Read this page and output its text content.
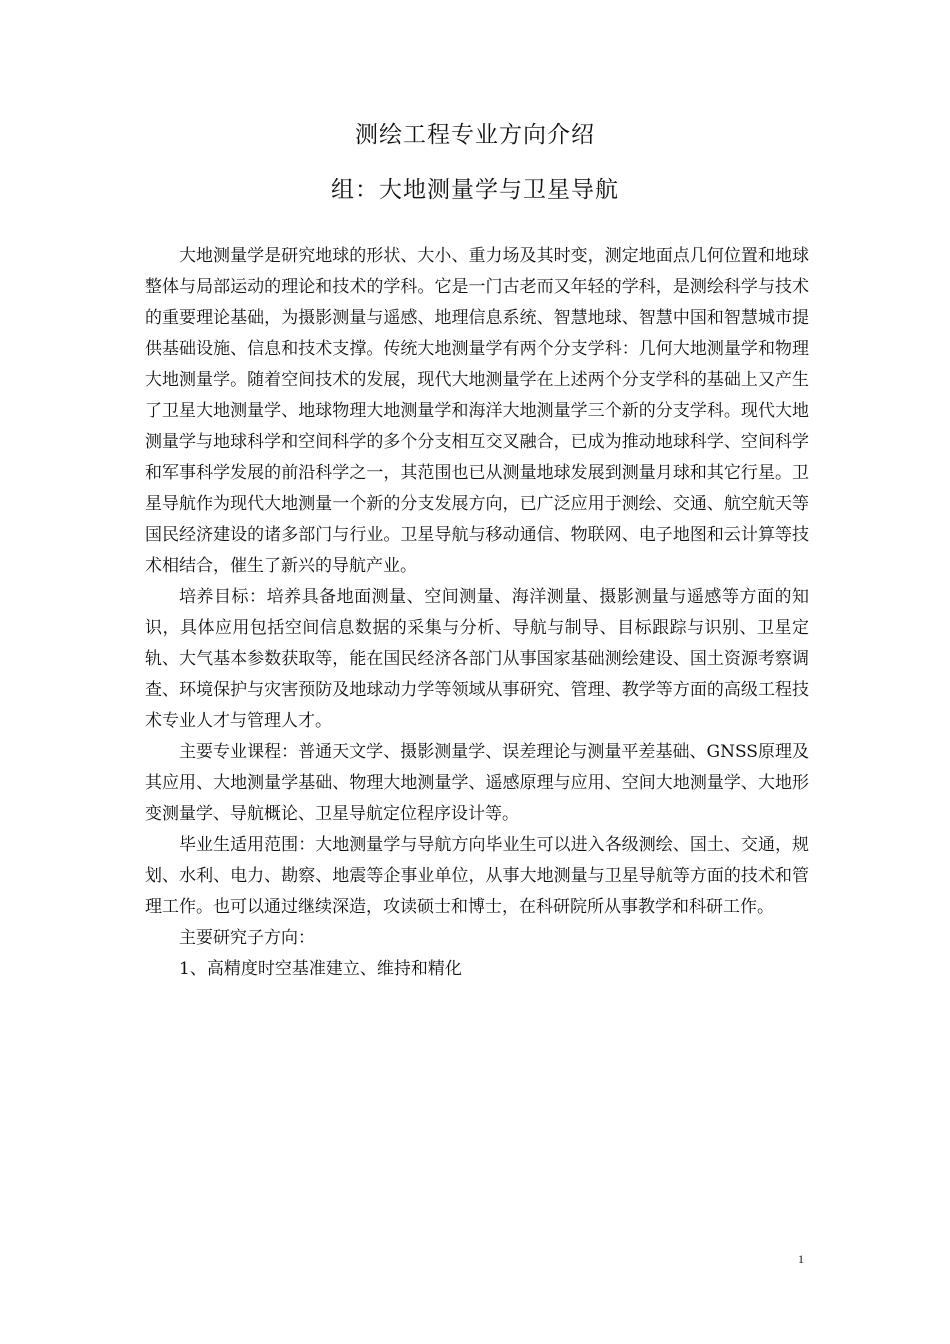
测绘工程专业方向介绍
组：大地测量学与卫星导航

大地测量学是研究地球的形状、大小、重力场及其时变，测定地面点几何位置和地球整体与局部运动的理论和技术的学科。它是一门古老而又年轻的学科，是测绘科学与技术的重要理论基础，为摄影测量与遥感、地理信息系统、智慧地球、智慧中国和智慧城市提供基础设施、信息和技术支撑。传统大地测量学有两个分支学科：几何大地测量学和物理大地测量学。随着空间技术的发展，现代大地测量学在上述两个分支学科的基础上又产生了卫星大地测量学、地球物理大地测量学和海洋大地测量学三个新的分支学科。现代大地测量学与地球科学和空间科学的多个分支相互交叉融合，已成为推动地球科学、空间科学和军事科学发展的前沿科学之一，其范围也已从测量地球发展到测量月球和其它行星。卫星导航作为现代大地测量一个新的分支发展方向，已广泛应用于测绘、交通、航空航天等国民经济建设的诸多部门与行业。卫星导航与移动通信、物联网、电子地图和云计算等技术相结合，催生了新兴的导航产业。

培养目标：培养具备地面测量、空间测量、海洋测量、摄影测量与遥感等方面的知识，具体应用包括空间信息数据的采集与分析、导航与制导、目标跟踪与识别、卫星定轨、大气基本参数获取等，能在国民经济各部门从事国家基础测绘建设、国土资源考察调查、环境保护与灾害预防及地球动力学等领域从事研究、管理、教学等方面的高级工程技术专业人才与管理人才。

主要专业课程：普通天文学、摄影测量学、误差理论与测量平差基础、GNSS原理及其应用、大地测量学基础、物理大地测量学、遥感原理与应用、空间大地测量学、大地形变测量学、导航概论、卫星导航定位程序设计等。

毕业生适用范围：大地测量学与导航方向毕业生可以进入各级测绘、国土、交通，规划、水利、电力、勘察、地震等企事业单位，从事大地测量与卫星导航等方面的技术和管理工作。也可以通过继续深造，攻读硕士和博士，在科研院所从事教学和科研工作。

主要研究子方向：

1、高精度时空基准建立、维持和精化

1
